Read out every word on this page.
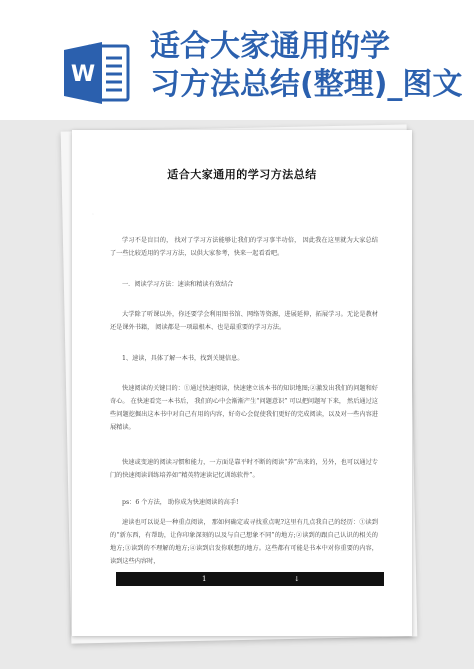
W
适合大家通用的学
习方法总结(整理)_图文
·
适合大家通用的学习方法总结
学习不是盲目的， 找对了学习方法能够让我们的学习事半功倍， 因此我在这里就为大家总结了一些比较适用的学习方法，以供大家参考，快来一起看看吧。
一．阅读学习方法：速读和精读有效结合
大学除了听课以外，你还要学会利用图书馆、网络等资源，进展延伸，拓展学习。无论是教材还是课外书籍， 阅读都是一项最根本、也是最重要的学习方法。
1、速读，具体了解一本书，找到关键信息。
快速阅读的关键目的：①通过快速阅读，快速建立该本书的知识地图;②激发出我们的问题和好奇心。 在快速看完一本书后， 我们的心中会渐渐产生“问题意识” 可以把问题写下来， 然后通过这些问题挖掘出这本书中对自己有用的内容，好奇心会促使我们更好的完成阅读，以及对一些内容进展精读。
快速或变速的阅读习惯和能力，一方面是靠平时不断的阅读“养”出来的，另外，也可以通过专门的快速阅读训练培养如“精英特速读记忆训练软件”。
ps：6 个方法， 助你成为快速阅读的高手!
速读也可以说是一种重点阅读， 那如何确定或寻找重点呢?这里有几点我自己的经历：①读到的“新东西，有帮助，让你印象深刻的以及与自己想象不同”的地方;②读到的跟自己认识的相关的地方;③读到的不理解的地方;④读到启发你联想的地方。这些都有可能是书本中对你重要的内容，读到这些内容时，
1	↓
